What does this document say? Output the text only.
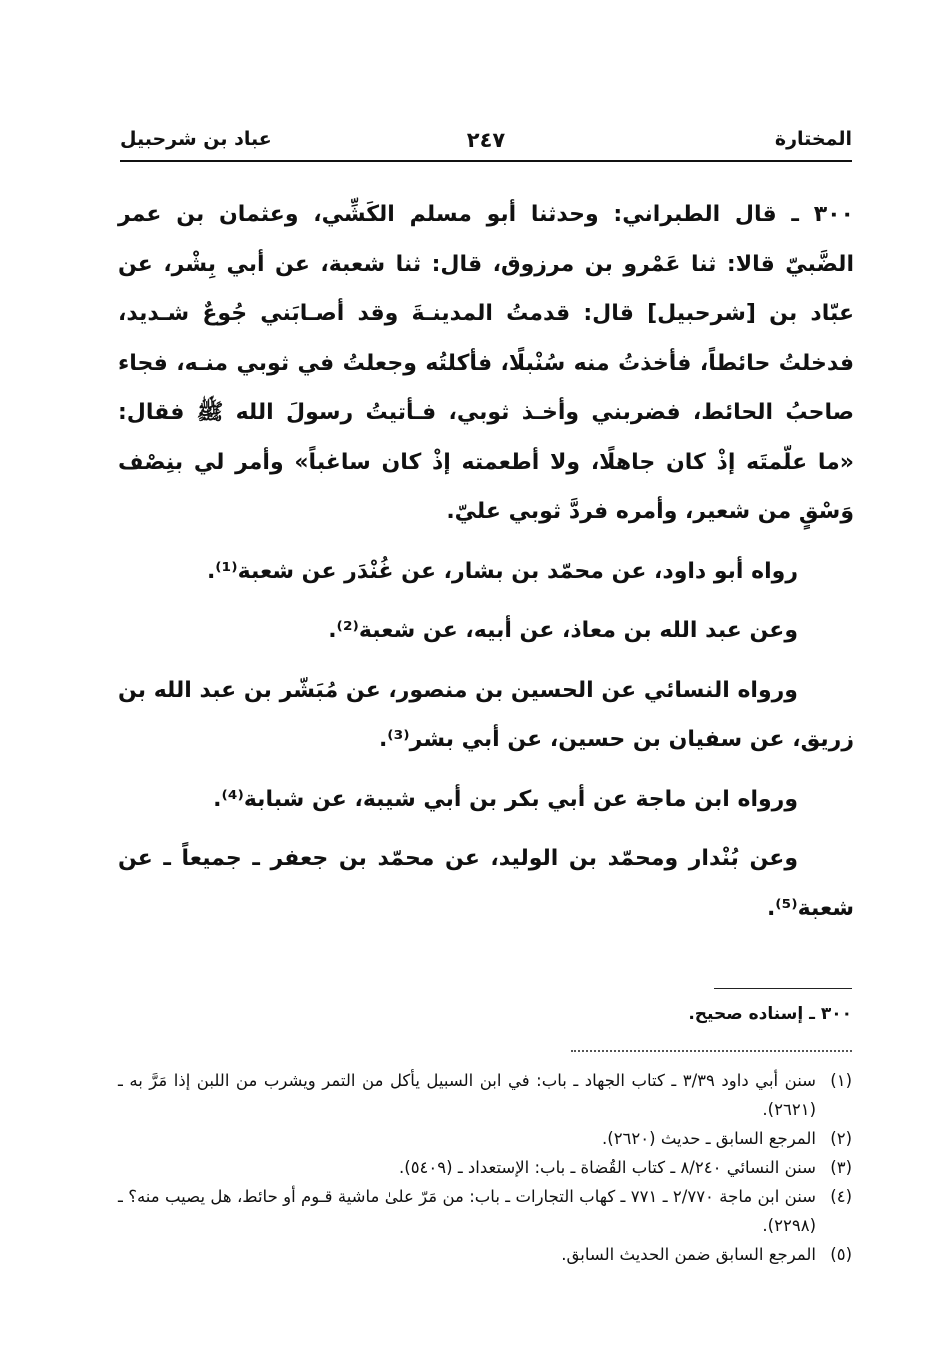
المختارة
٢٤٧
عباد بن شرحبيل

٣٠٠ ـ قال الطبراني: وحدثنا أبو مسلم الكَشِّي، وعثمان بن عمر الضَّبيّ قالا: ثنا عَمْرو بن مرزوق، قال: ثنا شعبة، عن أبي بِشْر، عن عبّاد بن [شرحبيل] قال: قدمتُ المدينـةَ وقد أصـابَني جُوعٌ شـديد، فدخلتُ حائطاً، فأخذتُ منه سُنْبلًا، فأكلتُه وجعلتُ في ثوبي منـه، فجاء صاحبُ الحائط، فضربني وأخـذ ثوبي، فـأتيتُ رسولَ الله ﷺ فقال: «ما علّمتَه إذْ كان جاهلًا، ولا أطعمته إذْ كان ساغباً» وأمر لي بنِصْف وَسْقٍ من شعير، وأمره فردَّ ثوبي عليّ.

رواه أبو داود، عن محمّد بن بشار، عن غُنْدَر عن شعبة⁽¹⁾.

وعن عبد الله بن معاذ، عن أبيه، عن شعبة⁽²⁾.

ورواه النسائي عن الحسين بن منصور، عن مُبَشّر بن عبد الله بن زريق، عن سفيان بن حسين، عن أبي بشر⁽³⁾.

ورواه ابن ماجة عن أبي بكر بن أبي شيبة، عن شبابة⁽⁴⁾.

وعن بُنْدار ومحمّد بن الوليد، عن محمّد بن جعفر ـ جميعاً ـ عن شعبة⁽⁵⁾.

٣٠٠ ـ إسناده صحيح.
(١)
سنن أبي داود ٣/٣٩ ـ كتاب الجهاد ـ باب: في ابن السبيل يأكل من التمر ويشرب من اللبن إذا مَرَّ به ـ (٢٦٢١).
(٢)
المرجع السابق ـ حديث (٢٦٢٠).
(٣)
سنن النسائي ٨/٢٤٠ ـ كتاب القُضاة ـ باب: الإستعداد ـ (٥٤٠٩).
(٤)
سنن ابن ماجة ٢/٧٧٠ ـ ٧٧١ ـ كهاب التجارات ـ باب: من مَرّ علىٰ ماشية قـوم أو حائط، هل يصيب منه؟ ـ (٢٢٩٨).
(٥)
المرجع السابق ضمن الحديث السابق.
